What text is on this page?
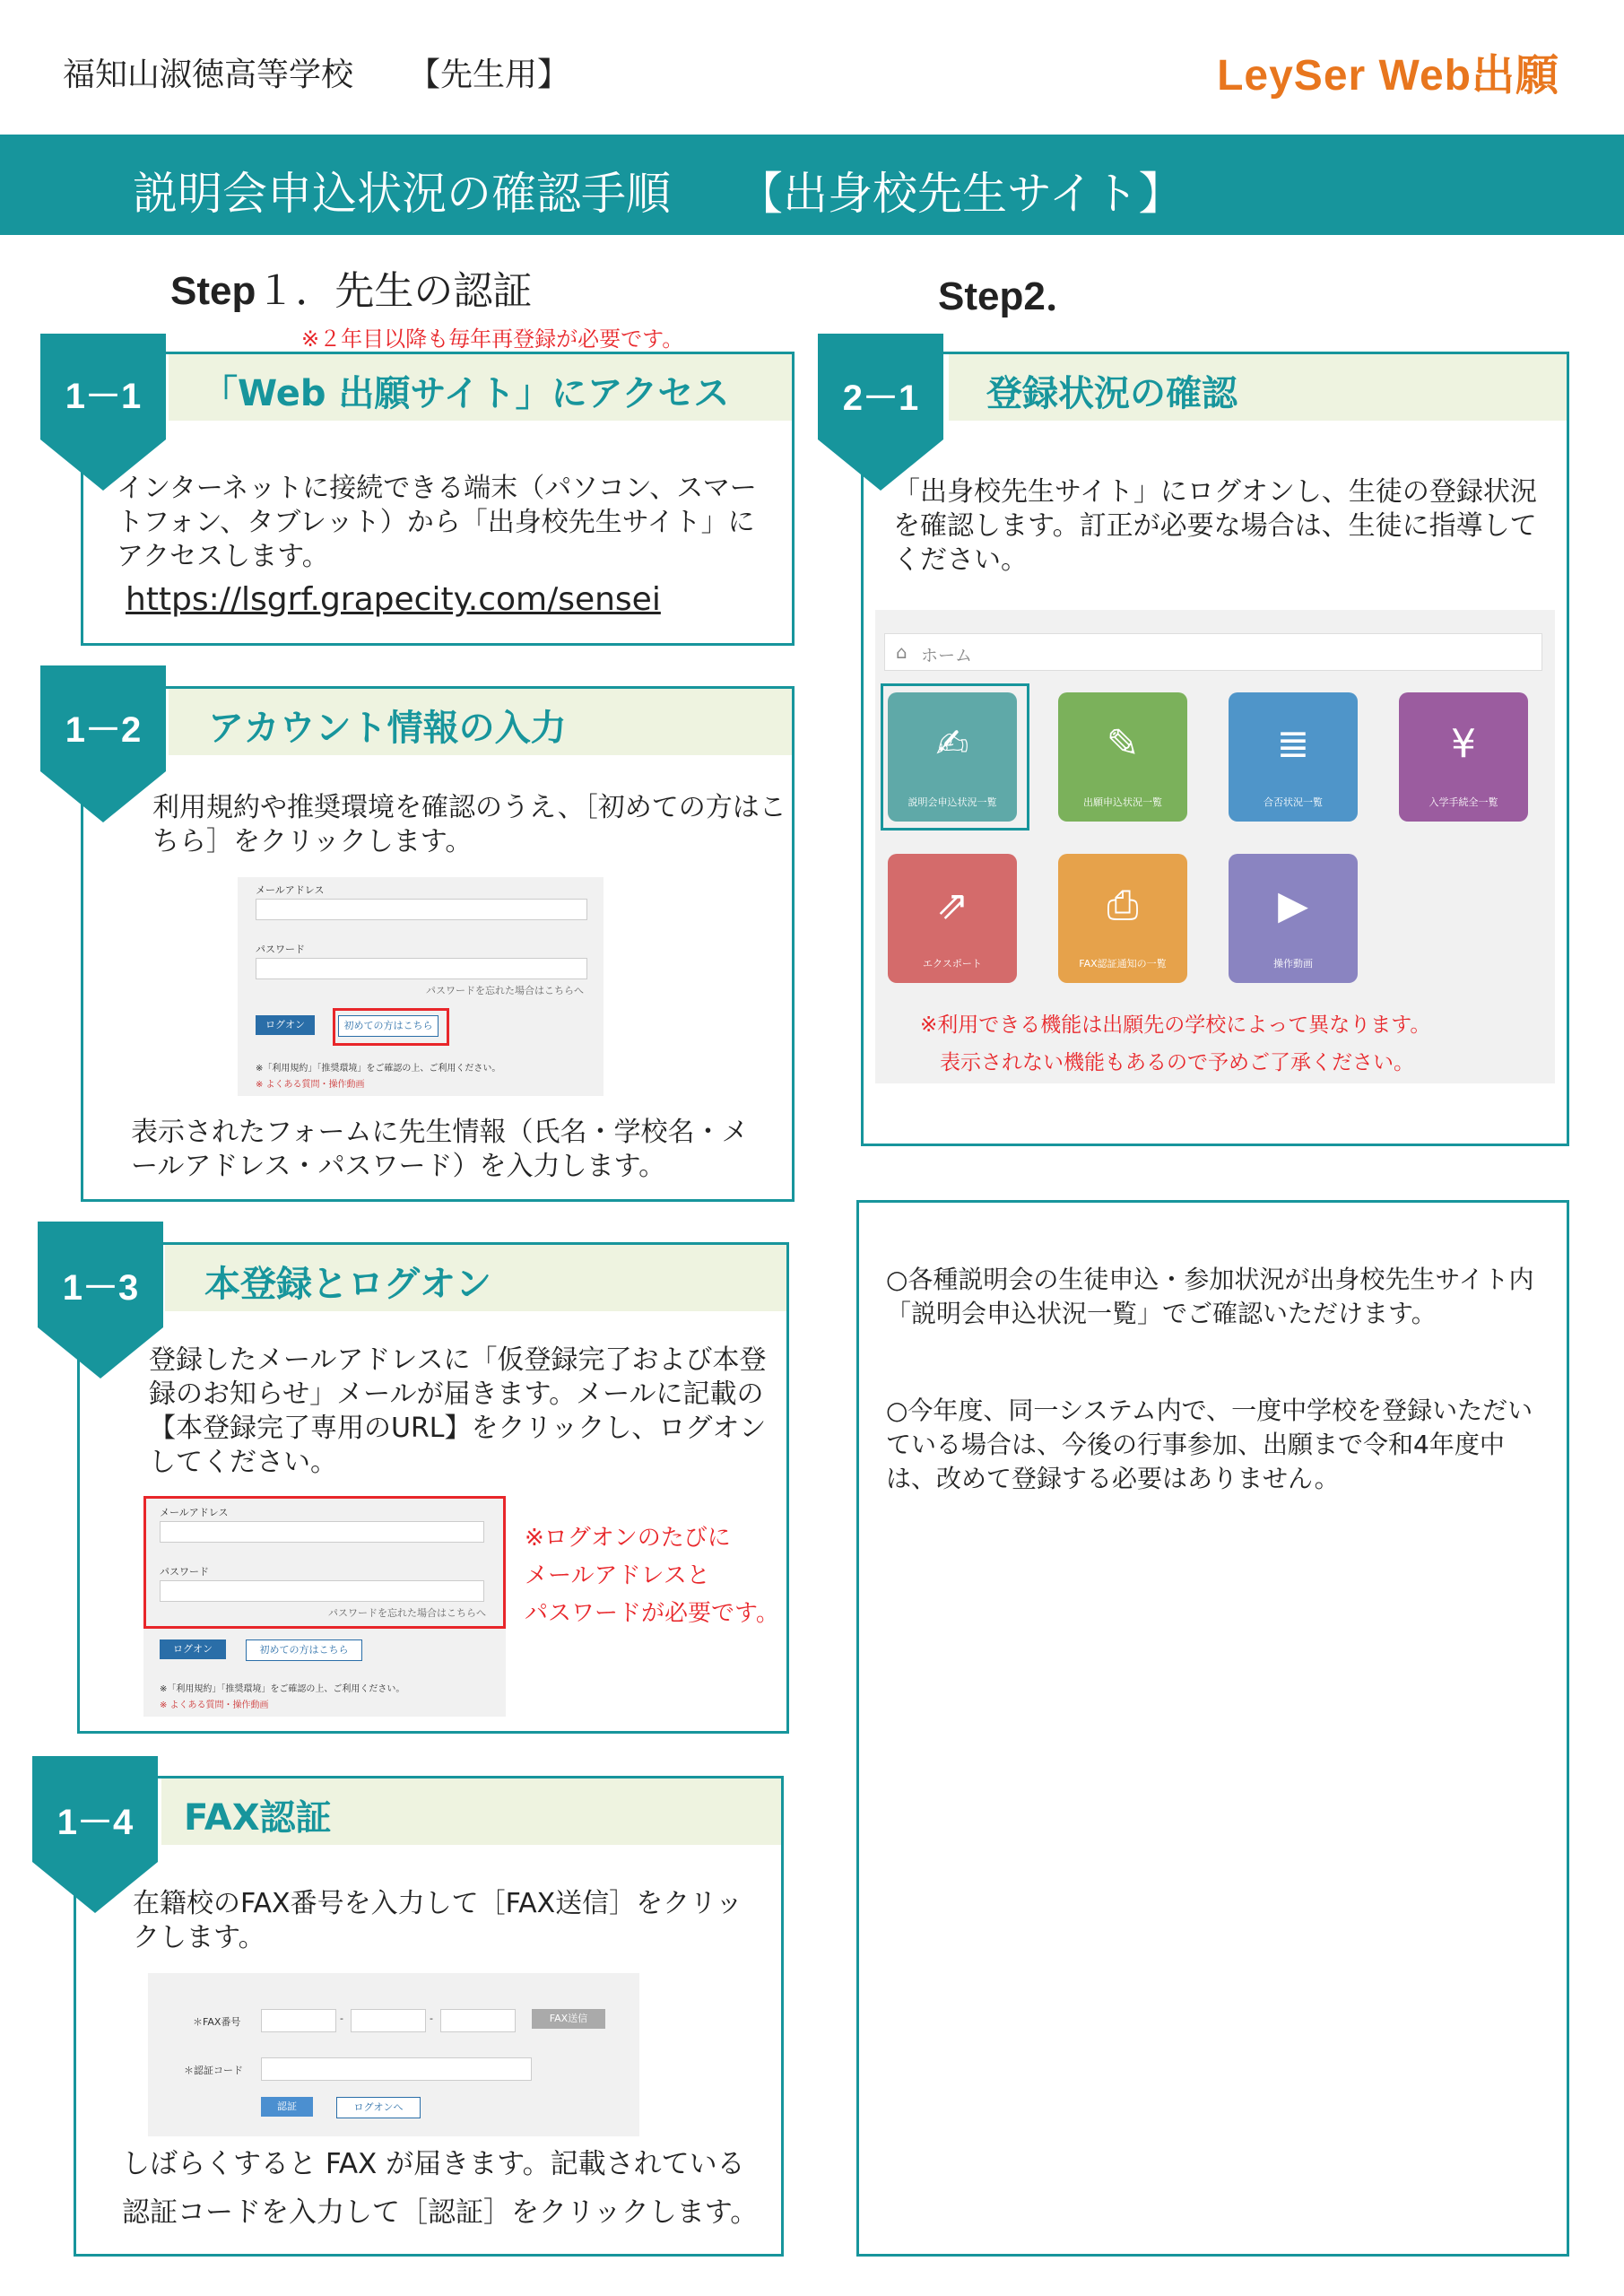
福知山淑徳高等学校 【先生用】	LeySer Web出願
説明会申込状況の確認手順　　【出身校先生サイト】
Step１．先生の認証
※２年目以降も毎年再登録が必要です。
Step2．
「Web 出願サイト」にアクセス
1－1
インターネットに接続できる端末（パソコン、スマートフォン、タブレット）から「出身校先生サイト」にアクセスします。
https://lsgrf.grapecity.com/sensei
アカウント情報の入力
1－2
利用規約や推奨環境を確認のうえ、［初めての方はこちら］をクリックします。
メールアドレス
パスワード
パスワードを忘れた場合はこちらへ
ログオン	初めての方はこちら
※「利用規約」「推奨環境」をご確認の上、ご利用ください。
※ よくある質問・操作動画
表示されたフォームに先生情報（氏名・学校名・メールアドレス・パスワード）を入力します。
本登録とログオン
1－3
登録したメールアドレスに「仮登録完了および本登録のお知らせ」メールが届きます。メールに記載の【本登録完了専用のURL】をクリックし、ログオンしてください。
メールアドレス
パスワード
パスワードを忘れた場合はこちらへ
ログオン	初めての方はこちら
※「利用規約」「推奨環境」をご確認の上、ご利用ください。
※ よくある質問・操作動画
※ログオンのたびに
メールアドレスと
パスワードが必要です。
FAX認証
1－4
在籍校のFAX番号を入力して［FAX送信］をクリックします。
＊FAX番号	-	-	FAX送信
＊認証コード
認証	ログオンへ
しばらくすると FAX が届きます。記載されている
認証コードを入力して［認証］をクリックします。
登録状況の確認
2－1
「出身校先生サイト」にログオンし、生徒の登録状況を確認します。訂正が必要な場合は、生徒に指導してください。
⌂ ホーム
✍
説明会申込状況一覧
✎
出願申込状況一覧
≣
合否状況一覧
¥
入学手続全一覧
⇗
エクスポート
⎙
FAX認証通知の一覧
▶
操作動画
※利用できる機能は出願先の学校によって異なります。
表示されない機能もあるので予めご了承ください。
○各種説明会の生徒申込・参加状況が出身校先生サイト内「説明会申込状況一覧」でご確認いただけます。
○今年度、同一システム内で、一度中学校を登録いただいている場合は、今後の行事参加、出願まで令和4年度中は、改めて登録する必要はありません。
